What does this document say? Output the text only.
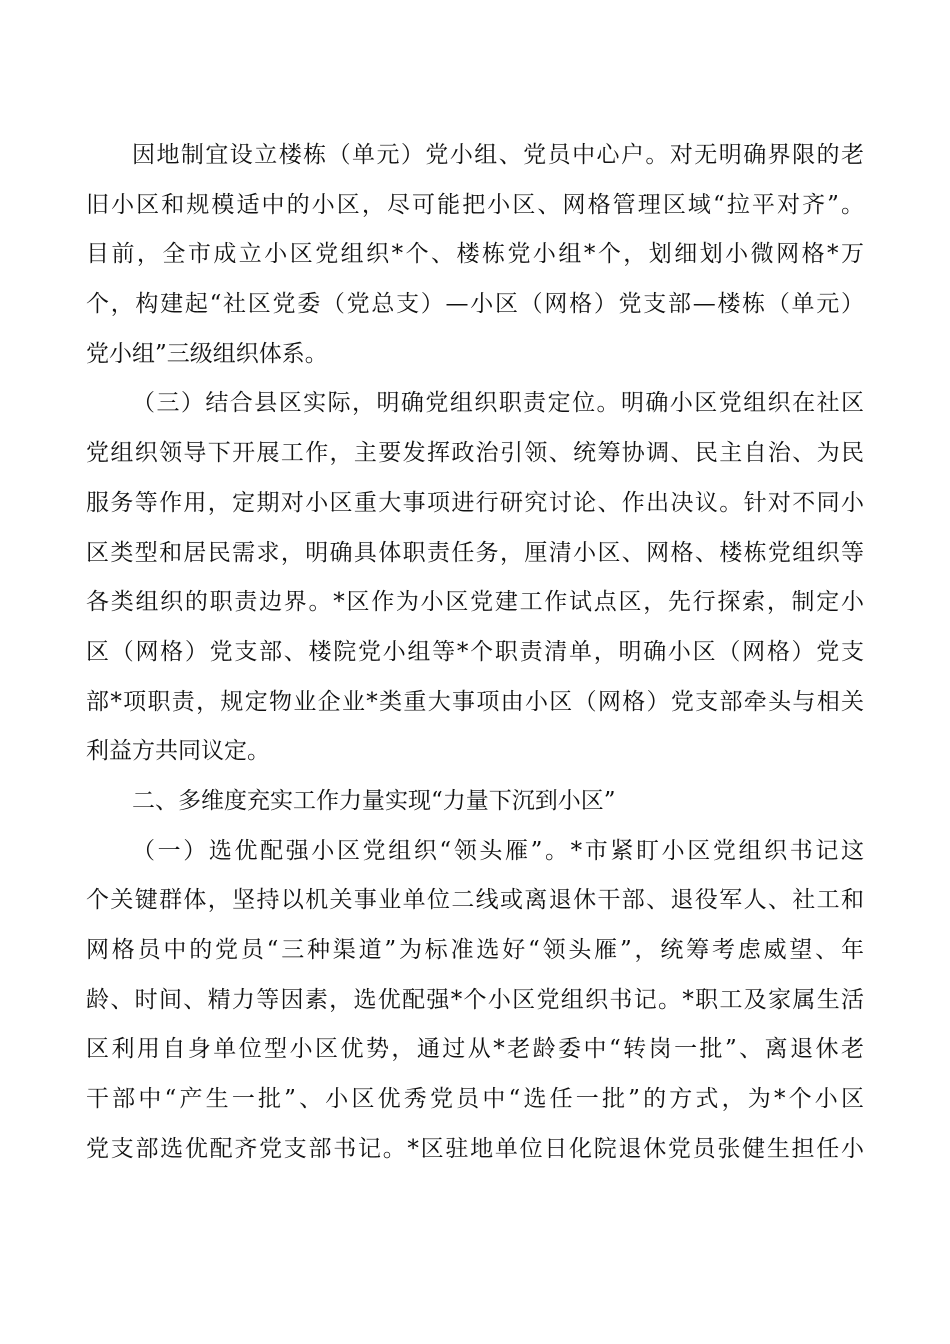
因地制宜设立楼栋（单元）党小组、党员中心户。对无明确界限的老
旧小区和规模适中的小区，尽可能把小区、网格管理区域“拉平对齐”。
目前，全市成立小区党组织*个、楼栋党小组*个，划细划小微网格*万
个，构建起“社区党委（党总支）—小区（网格）党支部—楼栋（单元）
党小组”三级组织体系。
（三）结合县区实际，明确党组织职责定位。明确小区党组织在社区
党组织领导下开展工作，主要发挥政治引领、统筹协调、民主自治、为民
服务等作用，定期对小区重大事项进行研究讨论、作出决议。针对不同小
区类型和居民需求，明确具体职责任务，厘清小区、网格、楼栋党组织等
各类组织的职责边界。*区作为小区党建工作试点区，先行探索，制定小
区（网格）党支部、楼院党小组等*个职责清单，明确小区（网格）党支
部*项职责，规定物业企业*类重大事项由小区（网格）党支部牵头与相关
利益方共同议定。
二、多维度充实工作力量实现“力量下沉到小区”
（一）选优配强小区党组织“领头雁”。*市紧盯小区党组织书记这
个关键群体，坚持以机关事业单位二线或离退休干部、退役军人、社工和
网格员中的党员“三种渠道”为标准选好“领头雁”，统筹考虑威望、年
龄、时间、精力等因素，选优配强*个小区党组织书记。*职工及家属生活
区利用自身单位型小区优势，通过从*老龄委中“转岗一批”、离退休老
干部中“产生一批”、小区优秀党员中“选任一批”的方式，为*个小区
党支部选优配齐党支部书记。*区驻地单位日化院退休党员张健生担任小
